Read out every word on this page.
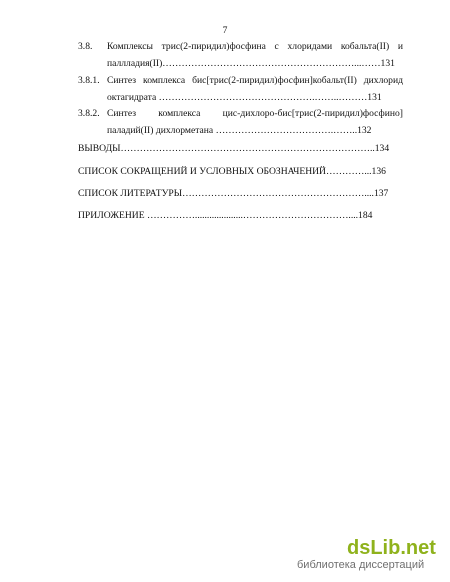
7
3.8. Комплексы трис(2-пиридил)фосфина с хлоридами кобальта(II) и
паллладия(II)……………………………………………………...……131
3.8.1. Синтез комплекса бис[трис(2-пиридил)фосфин]кобальт(II) дихлорид
октагидрата ………………………………………….……..………131
3.8.2. Синтез комплекса цис-дихлоро-бис[трис(2-пиридил)фосфино]
паладий(II) дихлорметана ……………………………….……..132
ВЫВОДЫ……………………………………………………………………..134
СПИСОК СОКРАЩЕНИЙ И УСЛОВНЫХ ОБОЗНАЧЕНИЙ…………...136
СПИСОК ЛИТЕРАТУРЫ…………………………………………………....137
ПРИЛОЖЕНИЕ ……………....................……………………………....184
dsLib.net
библиотека диссертаций
